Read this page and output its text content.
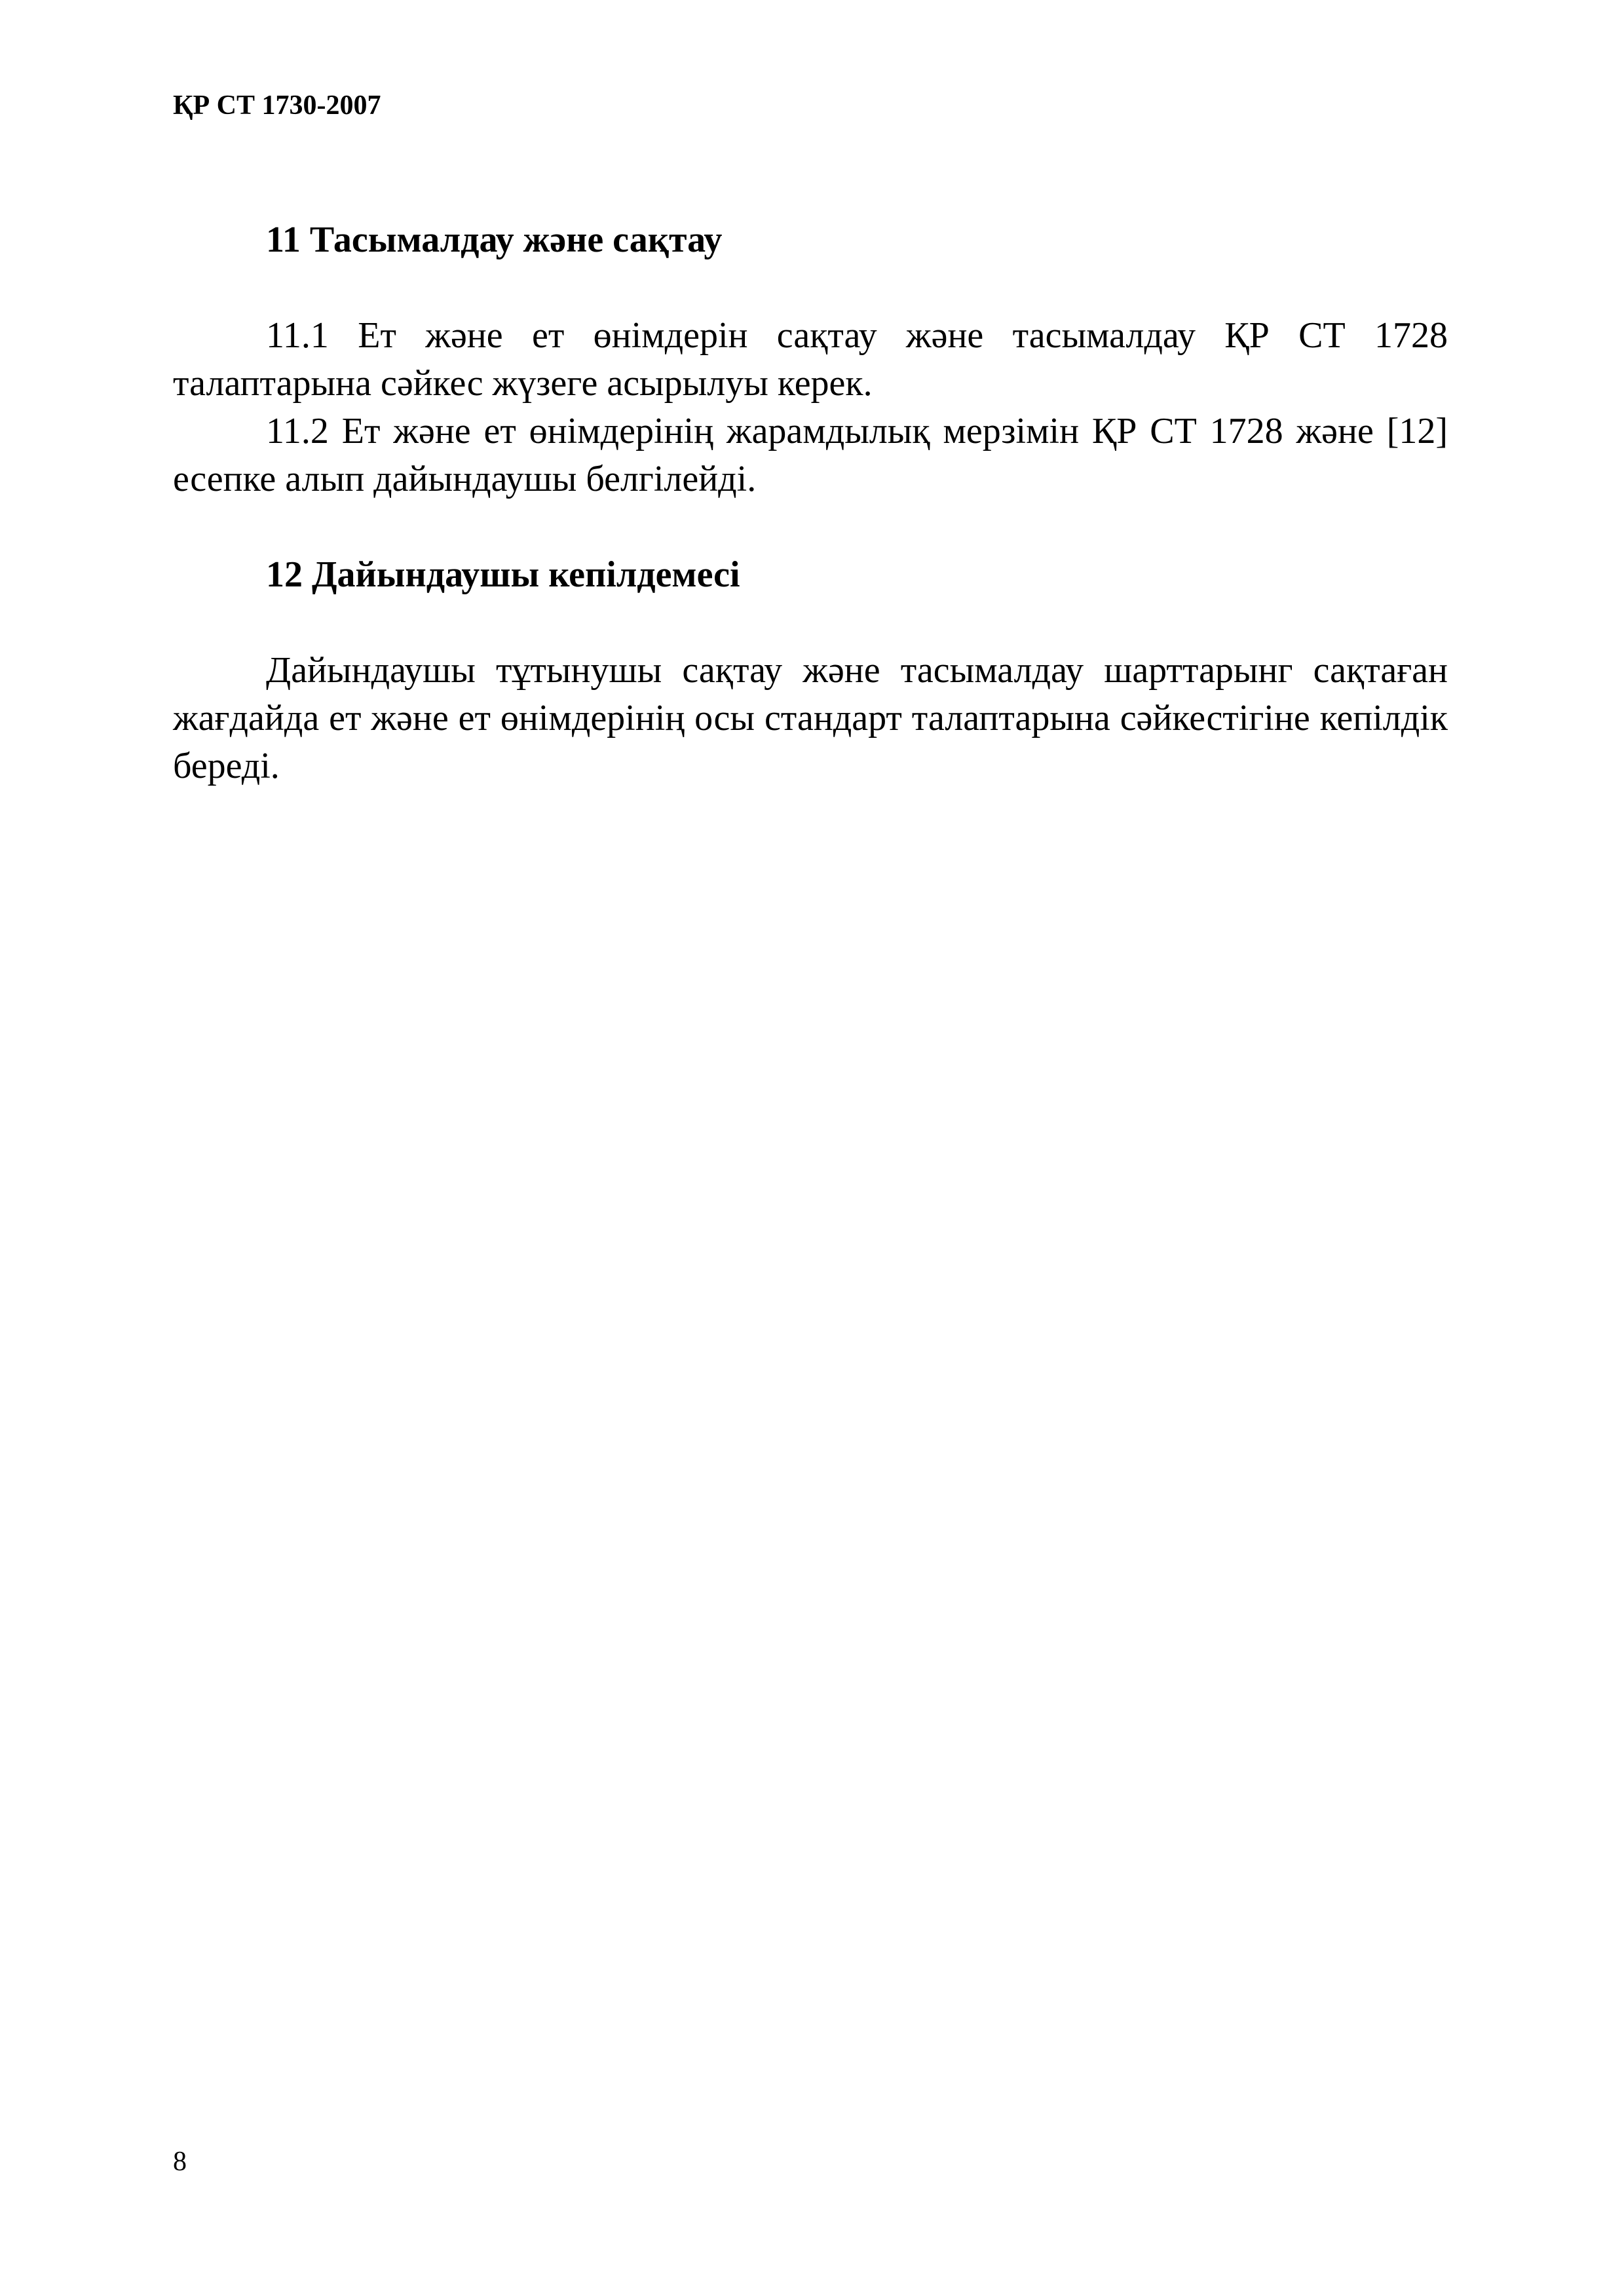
ҚР СТ 1730-2007

11 Тасымалдау және сақтау

11.1 Ет және ет өнімдерін сақтау және тасымалдау ҚР СТ 1728 талаптарына сәйкес жүзеге асырылуы керек.

11.2 Ет және ет өнімдерінің жарамдылық мерзімін ҚР СТ 1728 және [12] есепке алып дайындаушы белгілейді.

12 Дайындаушы кепілдемесі

Дайындаушы тұтынушы сақтау және тасымалдау шарттарынг сақтаған жағдайда ет және ет өнімдерінің осы стандарт талаптарына сәйкестігіне кепілдік береді.

8
